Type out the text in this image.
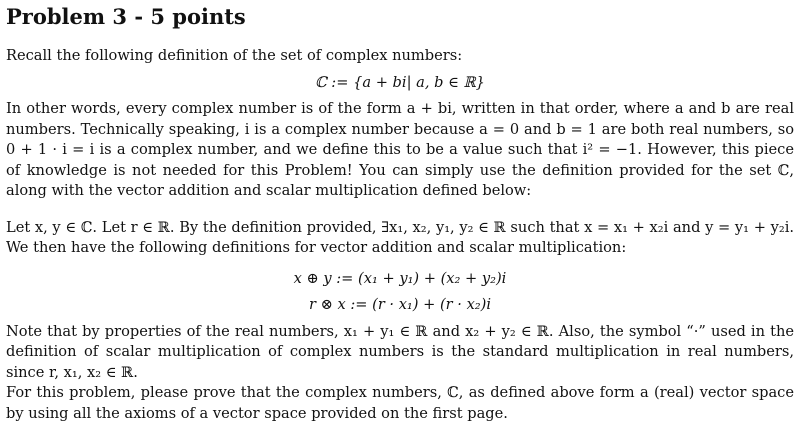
Problem 3 - 5 points

Recall the following definition of the set of complex numbers:

ℂ := {a + bi| a, b ∈ ℝ}

In other words, every complex number is of the form a + bi, written in that order, where a and b are real numbers. Technically speaking, i is a complex number because a = 0 and b = 1 are both real numbers, so 0 + 1 · i = i is a complex number, and we define this to be a value such that i² = −1. However, this piece of knowledge is not needed for this Problem! You can simply use the definition provided for the set ℂ, along with the vector addition and scalar multiplication defined below:

Let x, y ∈ ℂ. Let r ∈ ℝ. By the definition provided, ∃x₁, x₂, y₁, y₂ ∈ ℝ such that x = x₁ + x₂i and y = y₁ + y₂i. We then have the following definitions for vector addition and scalar multiplication:

x ⊕ y := (x₁ + y₁) + (x₂ + y₂)i
r ⊗ x := (r · x₁) + (r · x₂)i

Note that by properties of the real numbers, x₁ + y₁ ∈ ℝ and x₂ + y₂ ∈ ℝ. Also, the symbol “·” used in the definition of scalar multiplication of complex numbers is the standard multiplication in real numbers, since r, x₁, x₂ ∈ ℝ.

For this problem, please prove that the complex numbers, ℂ, as defined above form a (real) vector space by using all the axioms of a vector space provided on the first page.
